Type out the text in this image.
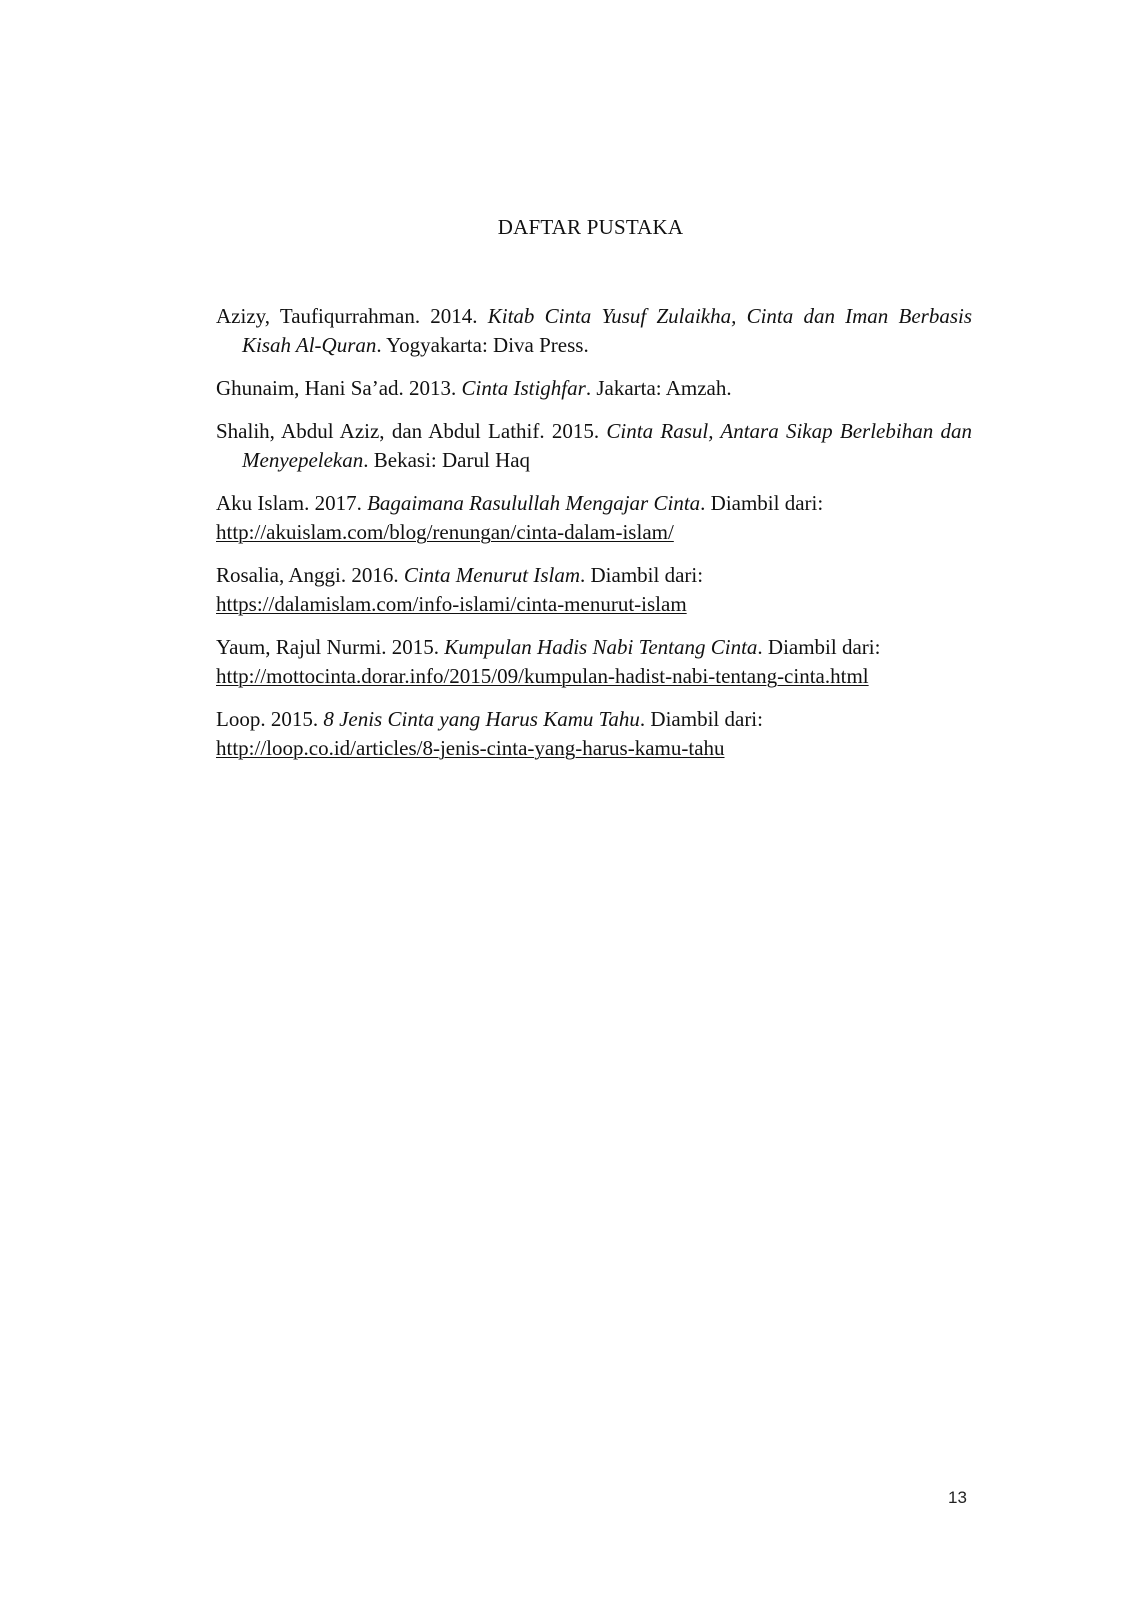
DAFTAR PUSTAKA

Azizy, Taufiqurrahman. 2014. Kitab Cinta Yusuf Zulaikha, Cinta dan Iman Berbasis Kisah Al-Quran. Yogyakarta: Diva Press.

Ghunaim, Hani Sa’ad. 2013. Cinta Istighfar. Jakarta: Amzah.

Shalih, Abdul Aziz, dan Abdul Lathif. 2015. Cinta Rasul, Antara Sikap Berlebihan dan Menyepelekan. Bekasi: Darul Haq

Aku Islam. 2017. Bagaimana Rasulullah Mengajar Cinta. Diambil dari:
http://akuislam.com/blog/renungan/cinta-dalam-islam/

Rosalia, Anggi. 2016. Cinta Menurut Islam. Diambil dari:
https://dalamislam.com/info-islami/cinta-menurut-islam

Yaum, Rajul Nurmi. 2015. Kumpulan Hadis Nabi Tentang Cinta. Diambil dari:
http://mottocinta.dorar.info/2015/09/kumpulan-hadist-nabi-tentang-cinta.html

Loop. 2015. 8 Jenis Cinta yang Harus Kamu Tahu. Diambil dari:
http://loop.co.id/articles/8-jenis-cinta-yang-harus-kamu-tahu

13
